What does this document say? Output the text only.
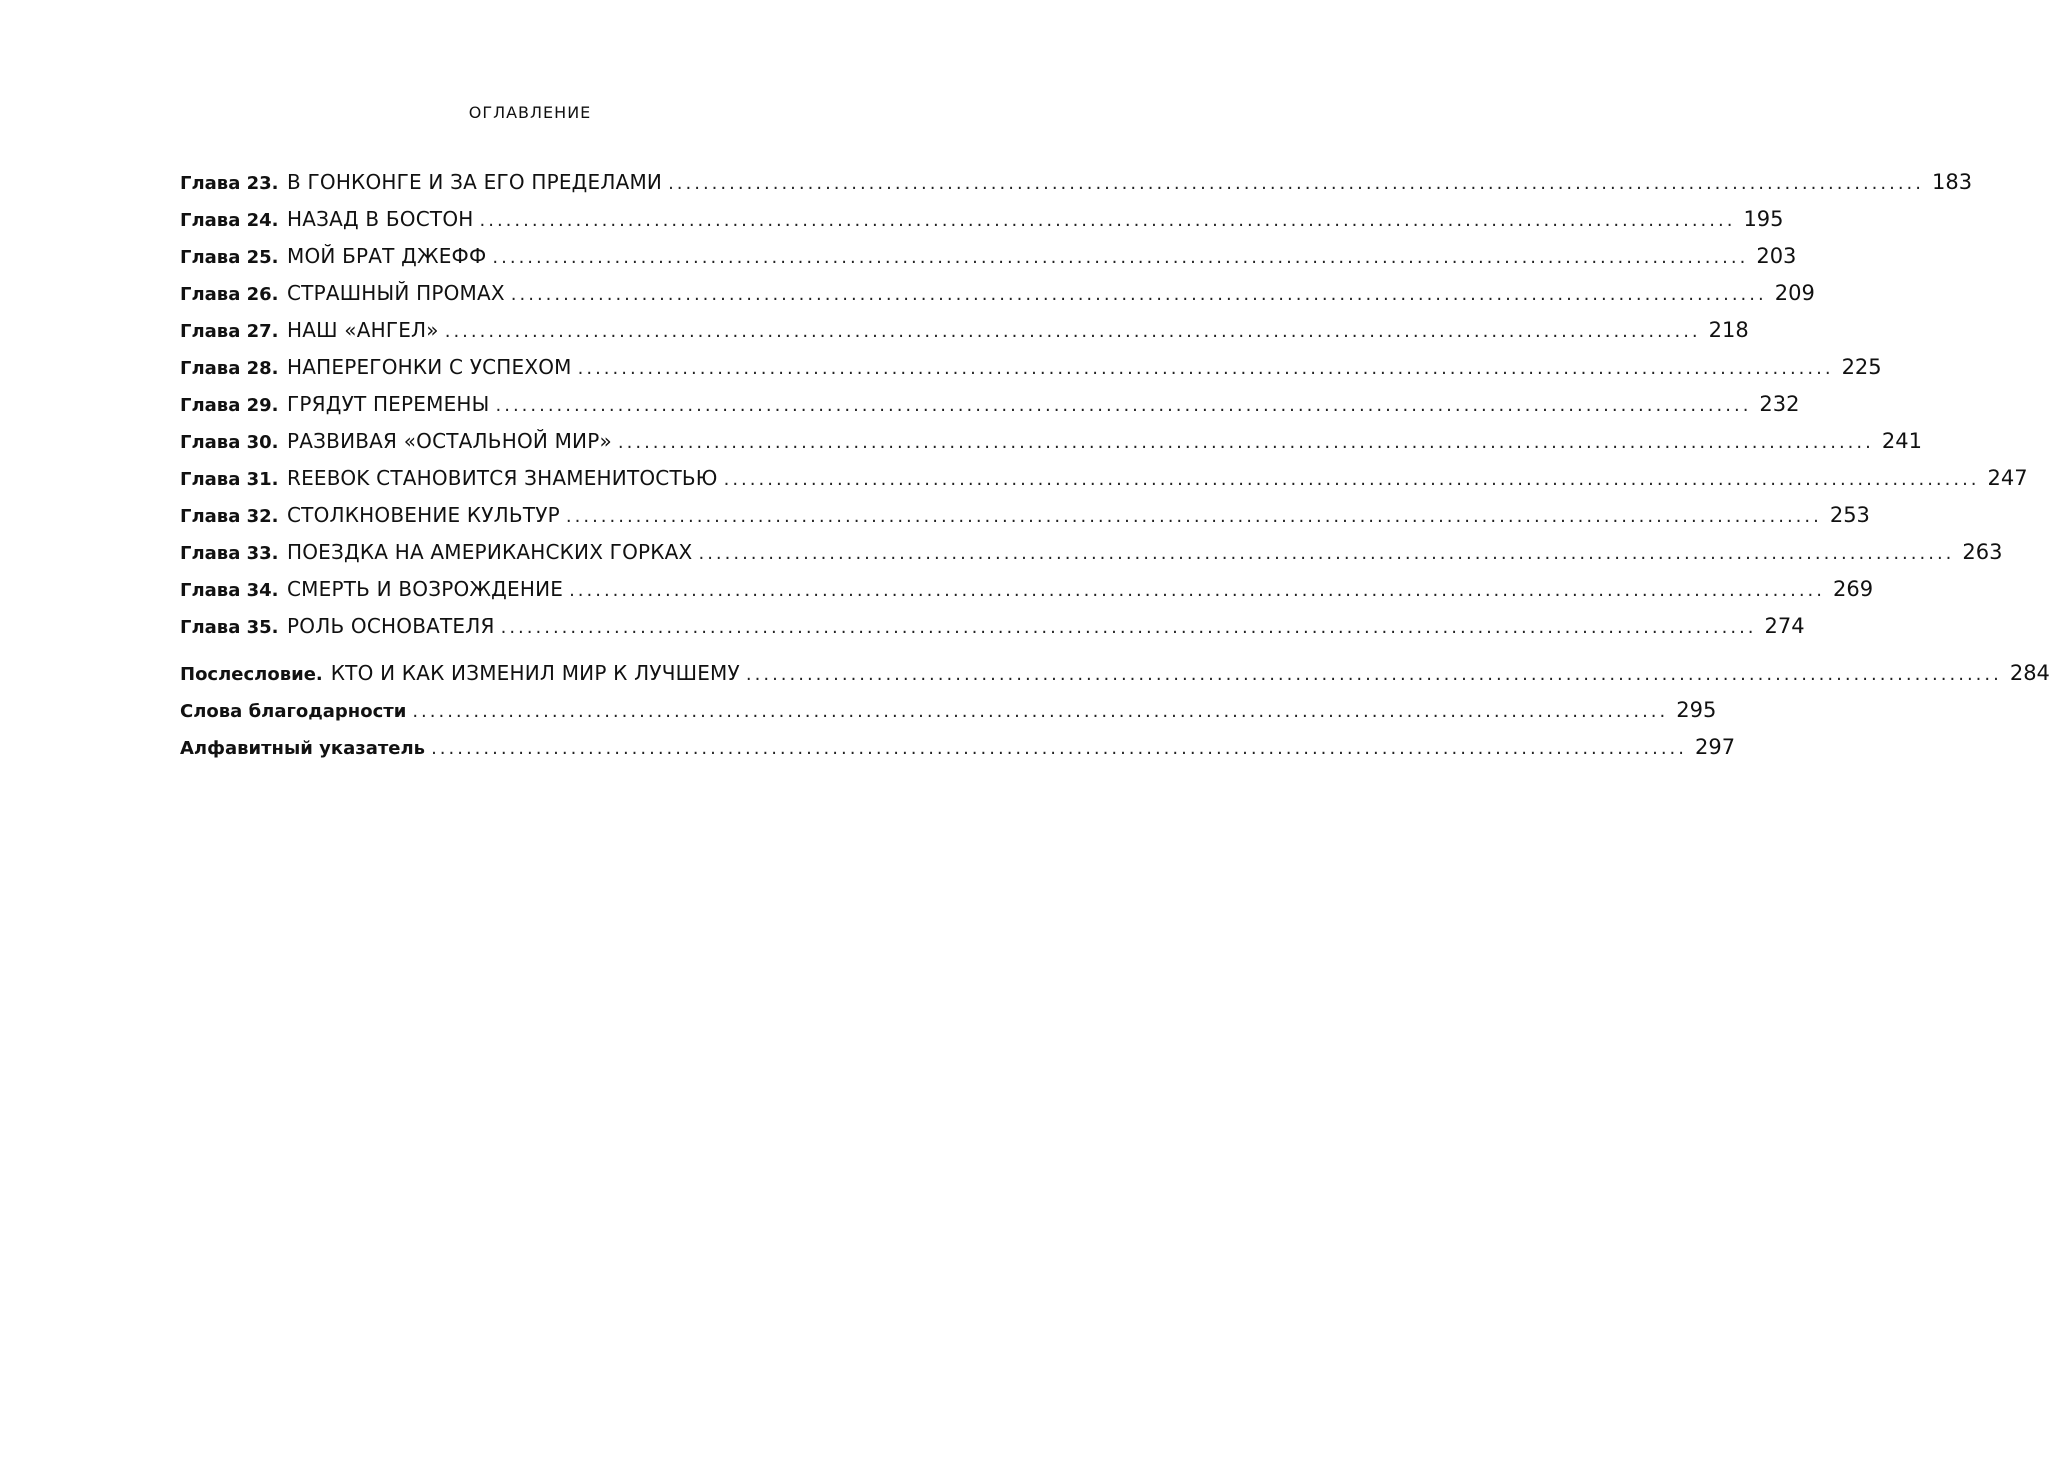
ОГЛАВЛЕНИЕ
Глава 23. В ГОНКОНГЕ И ЗА ЕГО ПРЕДЕЛАМИ .....	183
Глава 24. НАЗАД В БОСТОН .....	195
Глава 25. МОЙ БРАТ ДЖЕФФ .....	203
Глава 26. СТРАШНЫЙ ПРОМАХ .....	209
Глава 27. НАШ «АНГЕЛ» .....	218
Глава 28. НАПЕРЕГОНКИ С УСПЕХОМ .....	225
Глава 29. ГРЯДУТ ПЕРЕМЕНЫ .....	232
Глава 30. РАЗВИВАЯ «ОСТАЛЬНОЙ МИР» .....	241
Глава 31. REEBOK СТАНОВИТСЯ ЗНАМЕНИТОСТЬЮ .....	247
Глава 32. СТОЛКНОВЕНИЕ КУЛЬТУР .....	253
Глава 33. ПОЕЗДКА НА АМЕРИКАНСКИХ ГОРКАХ .....	263
Глава 34. СМЕРТЬ И ВОЗРОЖДЕНИЕ .....	269
Глава 35. РОЛЬ ОСНОВАТЕЛЯ .....	274
Послесловие. КТО И КАК ИЗМЕНИЛ МИР К ЛУЧШЕМУ .....	284
Слова благодарности .....	295
Алфавитный указатель .....	297
